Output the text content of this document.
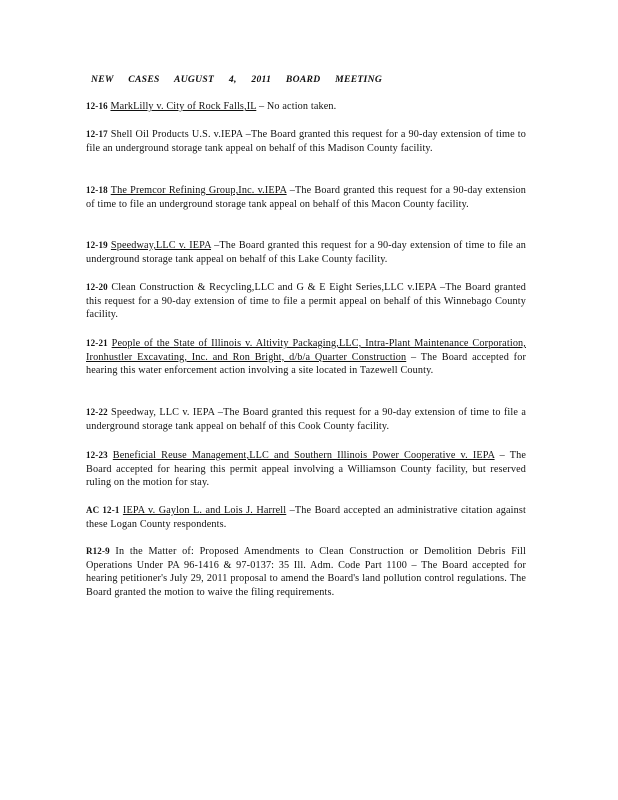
NEW CASES AUGUST 4, 2011 BOARD MEETING
12-16 MarkLilly v. City of Rock Falls,IL – No action taken.
12-17 Shell Oil Products U.S. v.IEPA –The Board granted this request for a 90-day extension of time to file an underground storage tank appeal on behalf of this Madison County facility.
12-18 The Premcor Refining Group,Inc. v.IEPA –The Board granted this request for a 90-day extension of time to file an underground storage tank appeal on behalf of this Macon County facility.
12-19 Speedway,LLC v. IEPA –The Board granted this request for a 90-day extension of time to file an underground storage tank appeal on behalf of this Lake County facility.
12-20 Clean Construction & Recycling,LLC and G & E Eight Series,LLC v.IEPA –The Board granted this request for a 90-day extension of time to file a permit appeal on behalf of this Winnebago County facility.
12-21 People of the State of Illinois v. Altivity Packaging,LLC, Intra-Plant Maintenance Corporation, Ironhustler Excavating, Inc. and Ron Bright, d/b/a Quarter Construction – The Board accepted for hearing this water enforcement action involving a site located in Tazewell County.
12-22 Speedway, LLC v. IEPA –The Board granted this request for a 90-day extension of time to file a underground storage tank appeal on behalf of this Cook County facility.
12-23 Beneficial Reuse Management,LLC and Southern Illinois Power Cooperative v. IEPA – The Board accepted for hearing this permit appeal involving a Williamson County facility, but reserved ruling on the motion for stay.
AC 12-1 IEPA v. Gaylon L. and Lois J. Harrell –The Board accepted an administrative citation against these Logan County respondents.
R12-9 In the Matter of: Proposed Amendments to Clean Construction or Demolition Debris Fill Operations Under PA 96-1416 & 97-0137: 35 Ill. Adm. Code Part 1100 – The Board accepted for hearing petitioner's July 29, 2011 proposal to amend the Board's land pollution control regulations. The Board granted the motion to waive the filing requirements.
